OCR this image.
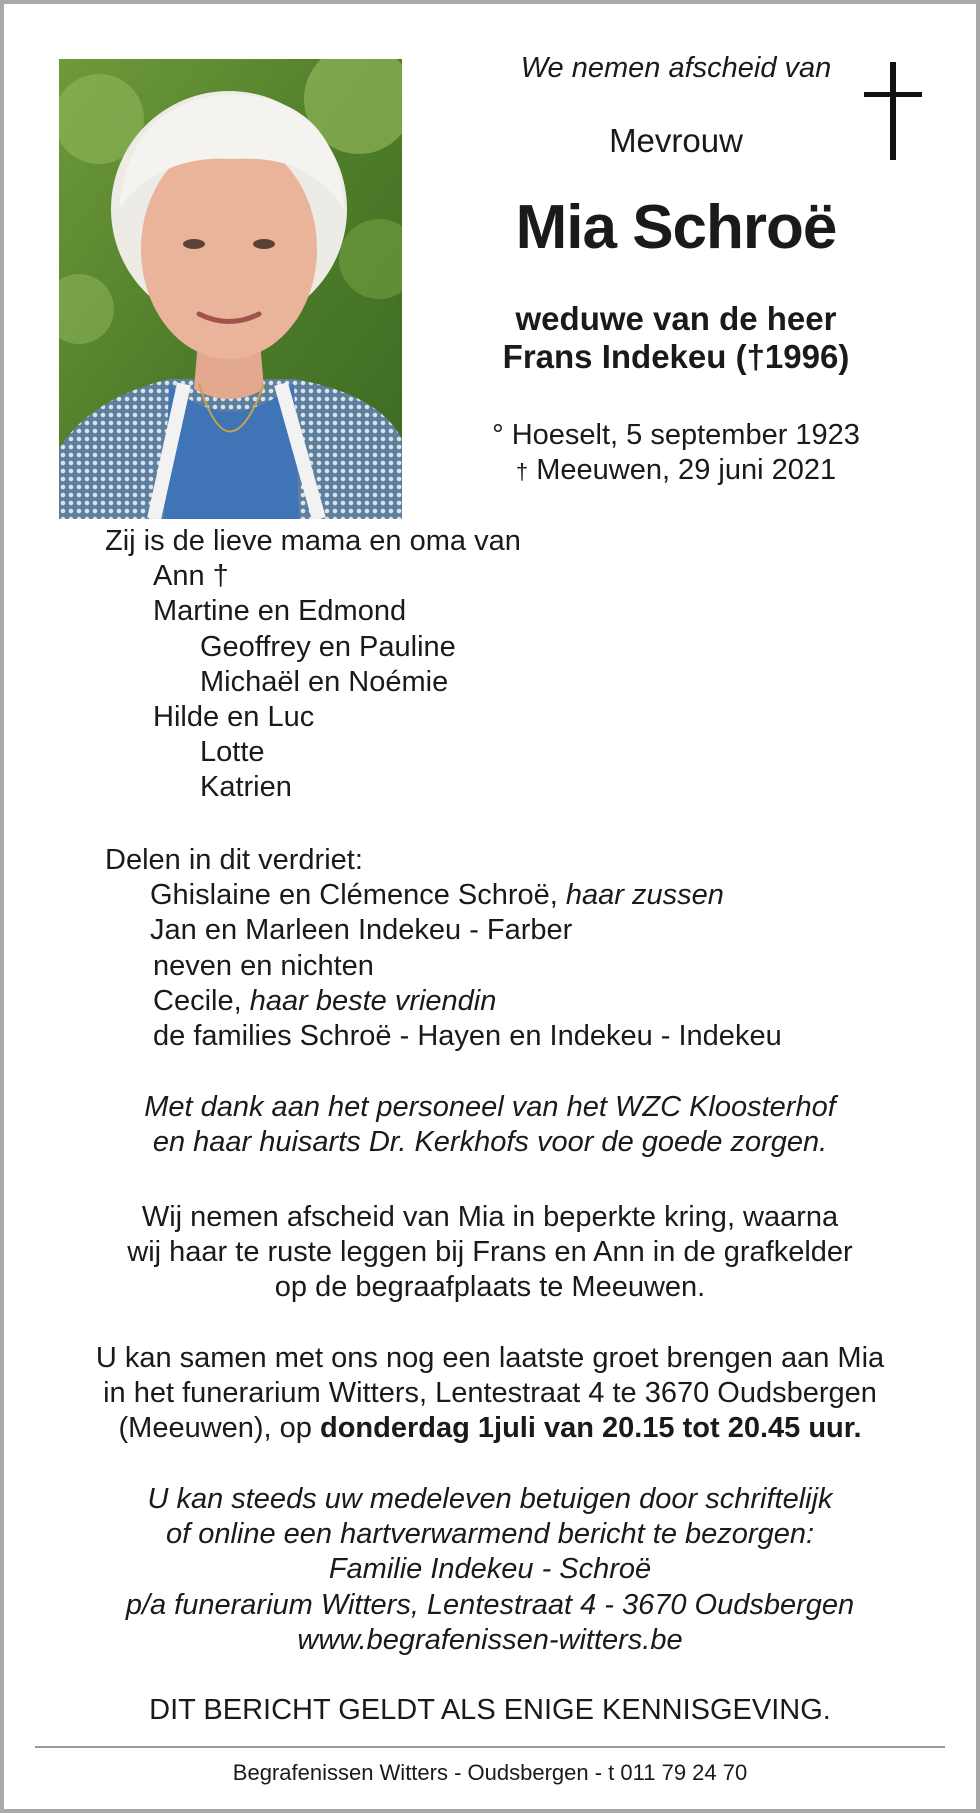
We nemen afscheid van
Mevrouw
Mia Schroë
weduwe van de heer
Frans Indekeu (†1996)
° Hoeselt, 5 september 1923
† Meeuwen, 29 juni 2021
Zij is de lieve mama en oma van
Ann †
Martine en Edmond
Geoffrey en Pauline
Michaël en Noémie
Hilde en Luc
Lotte
Katrien
Delen in dit verdriet:
Ghislaine en Clémence Schroë, haar zussen
Jan en Marleen Indekeu - Farber
neven en nichten
Cecile, haar beste vriendin
de families Schroë - Hayen en Indekeu - Indekeu
Met dank aan het personeel van het WZC Kloosterhof
en haar huisarts Dr. Kerkhofs voor de goede zorgen.
Wij nemen afscheid van Mia in beperkte kring, waarna
wij haar te ruste leggen bij Frans en Ann in de grafkelder
op de begraafplaats te Meeuwen.
U kan samen met ons nog een laatste groet brengen aan Mia
in het funerarium Witters, Lentestraat 4 te 3670 Oudsbergen
(Meeuwen), op donderdag 1juli van 20.15 tot 20.45 uur.
U kan steeds uw medeleven betuigen door schriftelijk
of online een hartverwarmend bericht te bezorgen:
Familie Indekeu - Schroë
p/a funerarium Witters, Lentestraat 4 - 3670 Oudsbergen
www.begrafenissen-witters.be
DIT BERICHT GELDT ALS ENIGE KENNISGEVING.
Begrafenissen Witters - Oudsbergen - t 011 79 24 70
